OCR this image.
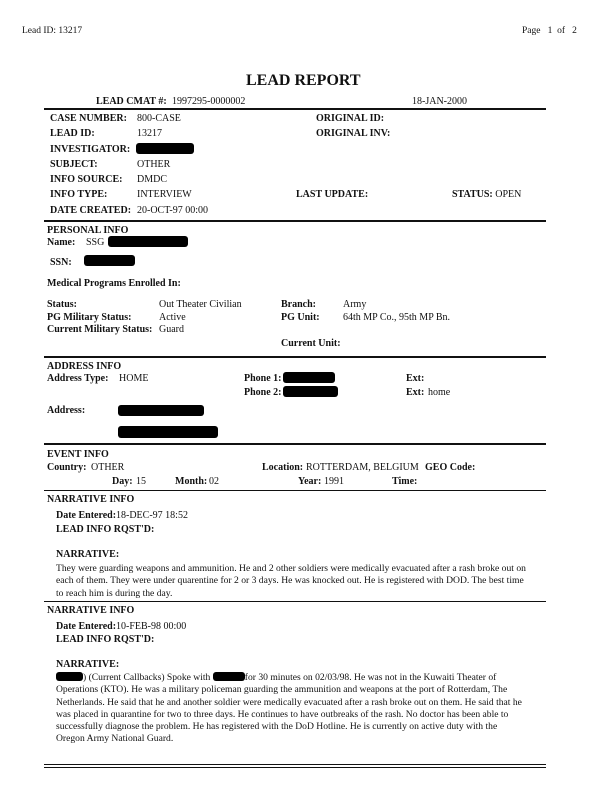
Lead ID: 13217	Page 1 of 2
LEAD REPORT
LEAD CMAT #: 1997295-0000002	18-JAN-2000
CASE NUMBER: 800-CASE	ORIGINAL ID:
LEAD ID:	13217	ORIGINAL INV:
INVESTIGATOR:
SUBJECT:	OTHER
INFO SOURCE: DMDC
INFO TYPE:	INTERVIEW	LAST UPDATE:	STATUS: OPEN
DATE CREATED: 20-OCT-97 00:00
PERSONAL INFO
Name: SSG
SSN:
Medical Programs Enrolled In:
Status:	Out Theater Civilian	Branch:	Army
PG Military Status:	Active	PG Unit: 64th MP Co., 95th MP Bn.
Current Military Status: Guard
Current Unit:
ADDRESS INFO
Address Type: HOME	Phone 1:	Ext:
Phone 2:	Ext: home
Address:
EVENT INFO
Country: OTHER	Location: ROTTERDAM, BELGIUM GEO Code:
Day: 15	Month: 02	Year: 1991	Time:
NARRATIVE INFO
Date Entered: 18-DEC-97 18:52
LEAD INFO RQST'D:
NARRATIVE:
They were guarding weapons and ammunition. He and 2 other soldiers were medically evacuated after a rash broke out on each of them. They were under quarentine for 2 or 3 days. He was knocked out. He is registered with DOD. The best time to reach him is during the day.
NARRATIVE INFO
Date Entered: 10-FEB-98 00:00
LEAD INFO RQST'D:
NARRATIVE:
) (Current Callbacks) Spoke with	for 30 minutes on 02/03/98. He was not in the Kuwaiti Theater of Operations (KTO). He was a military policeman guarding the ammunition and weapons at the port of Rotterdam, The Netherlands. He said that he and another soldier were medically evacuated after a rash broke out on them. He said that he was placed in quarantine for two to three days. He continues to have outbreaks of the rash. No doctor has been able to successfully diagnose the problem. He has registered with the DoD Hotline. He is currently on active duty with the Oregon Army National Guard.
